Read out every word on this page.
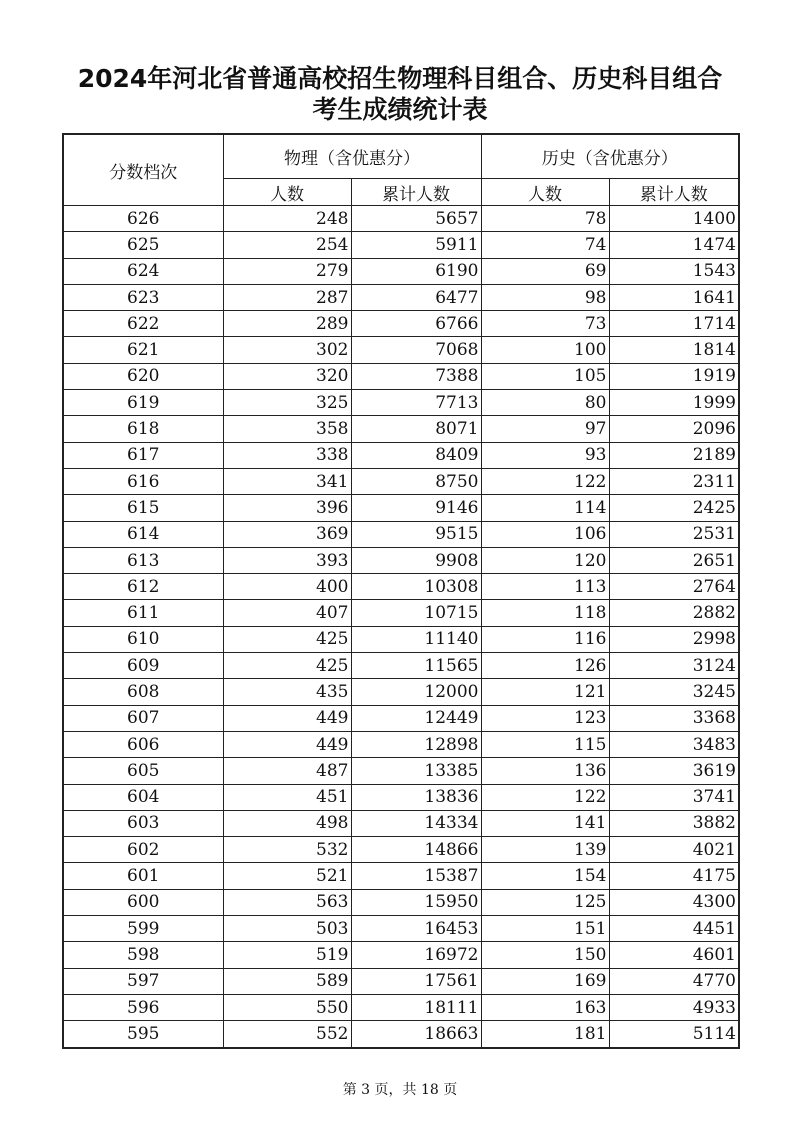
2024年河北省普通高校招生物理科目组合、历史科目组合
考生成绩统计表
分数档次	物理（含优惠分）		历史（含优惠分）	
	人数	累计人数	人数	累计人数
626	248	5657	78	1400
625	254	5911	74	1474
624	279	6190	69	1543
623	287	6477	98	1641
622	289	6766	73	1714
621	302	7068	100	1814
620	320	7388	105	1919
619	325	7713	80	1999
618	358	8071	97	2096
617	338	8409	93	2189
616	341	8750	122	2311
615	396	9146	114	2425
614	369	9515	106	2531
613	393	9908	120	2651
612	400	10308	113	2764
611	407	10715	118	2882
610	425	11140	116	2998
609	425	11565	126	3124
608	435	12000	121	3245
607	449	12449	123	3368
606	449	12898	115	3483
605	487	13385	136	3619
604	451	13836	122	3741
603	498	14334	141	3882
602	532	14866	139	4021
601	521	15387	154	4175
600	563	15950	125	4300
599	503	16453	151	4451
598	519	16972	150	4601
597	589	17561	169	4770
596	550	18111	163	4933
595	552	18663	181	5114
第 3 页，共 18 页
